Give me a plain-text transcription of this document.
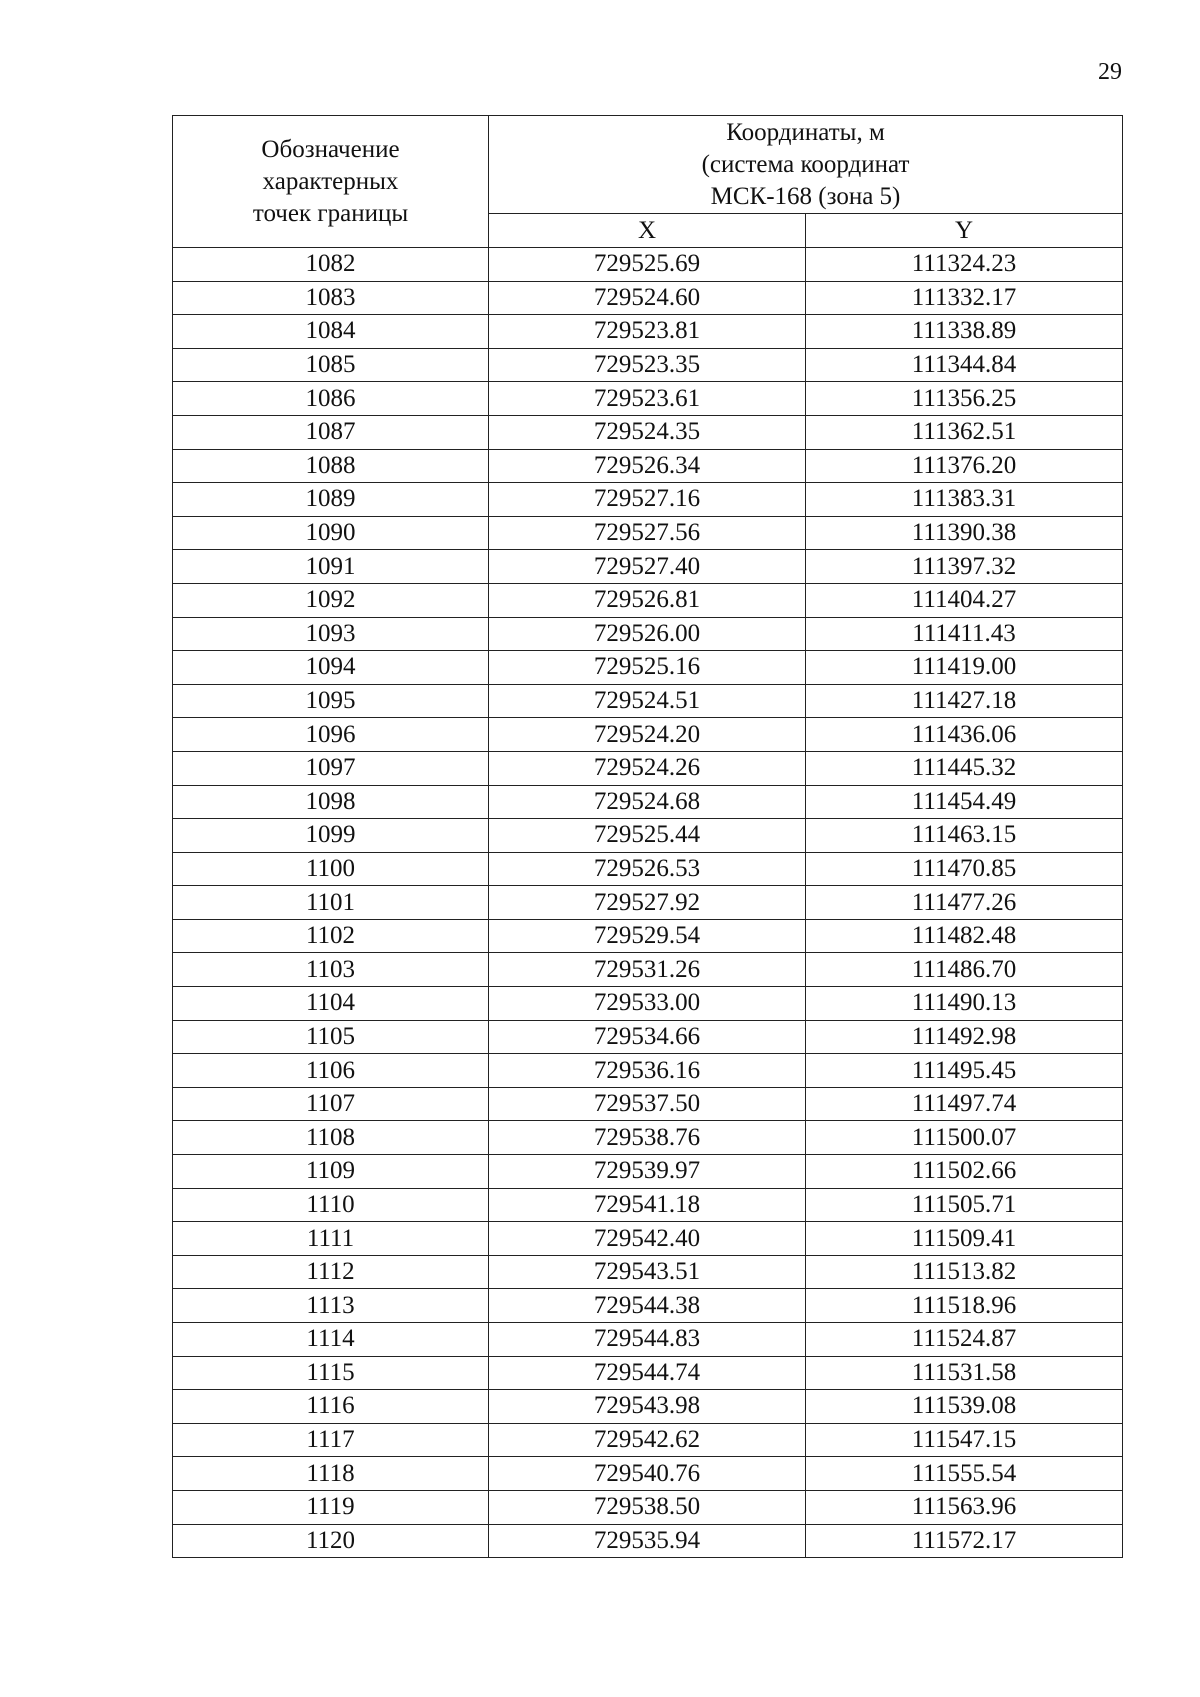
29
Обозначение
характерных
точек границы	Координаты, м
(система координат
МСК-168 (зона 5)	

	X	Y
1082	729525.69	111324.23
1083	729524.60	111332.17
1084	729523.81	111338.89
1085	729523.35	111344.84
1086	729523.61	111356.25
1087	729524.35	111362.51
1088	729526.34	111376.20
1089	729527.16	111383.31
1090	729527.56	111390.38
1091	729527.40	111397.32
1092	729526.81	111404.27
1093	729526.00	111411.43
1094	729525.16	111419.00
1095	729524.51	111427.18
1096	729524.20	111436.06
1097	729524.26	111445.32
1098	729524.68	111454.49
1099	729525.44	111463.15
1100	729526.53	111470.85
1101	729527.92	111477.26
1102	729529.54	111482.48
1103	729531.26	111486.70
1104	729533.00	111490.13
1105	729534.66	111492.98
1106	729536.16	111495.45
1107	729537.50	111497.74
1108	729538.76	111500.07
1109	729539.97	111502.66
1110	729541.18	111505.71
1111	729542.40	111509.41
1112	729543.51	111513.82
1113	729544.38	111518.96
1114	729544.83	111524.87
1115	729544.74	111531.58
1116	729543.98	111539.08
1117	729542.62	111547.15
1118	729540.76	111555.54
1119	729538.50	111563.96
1120	729535.94	111572.17
